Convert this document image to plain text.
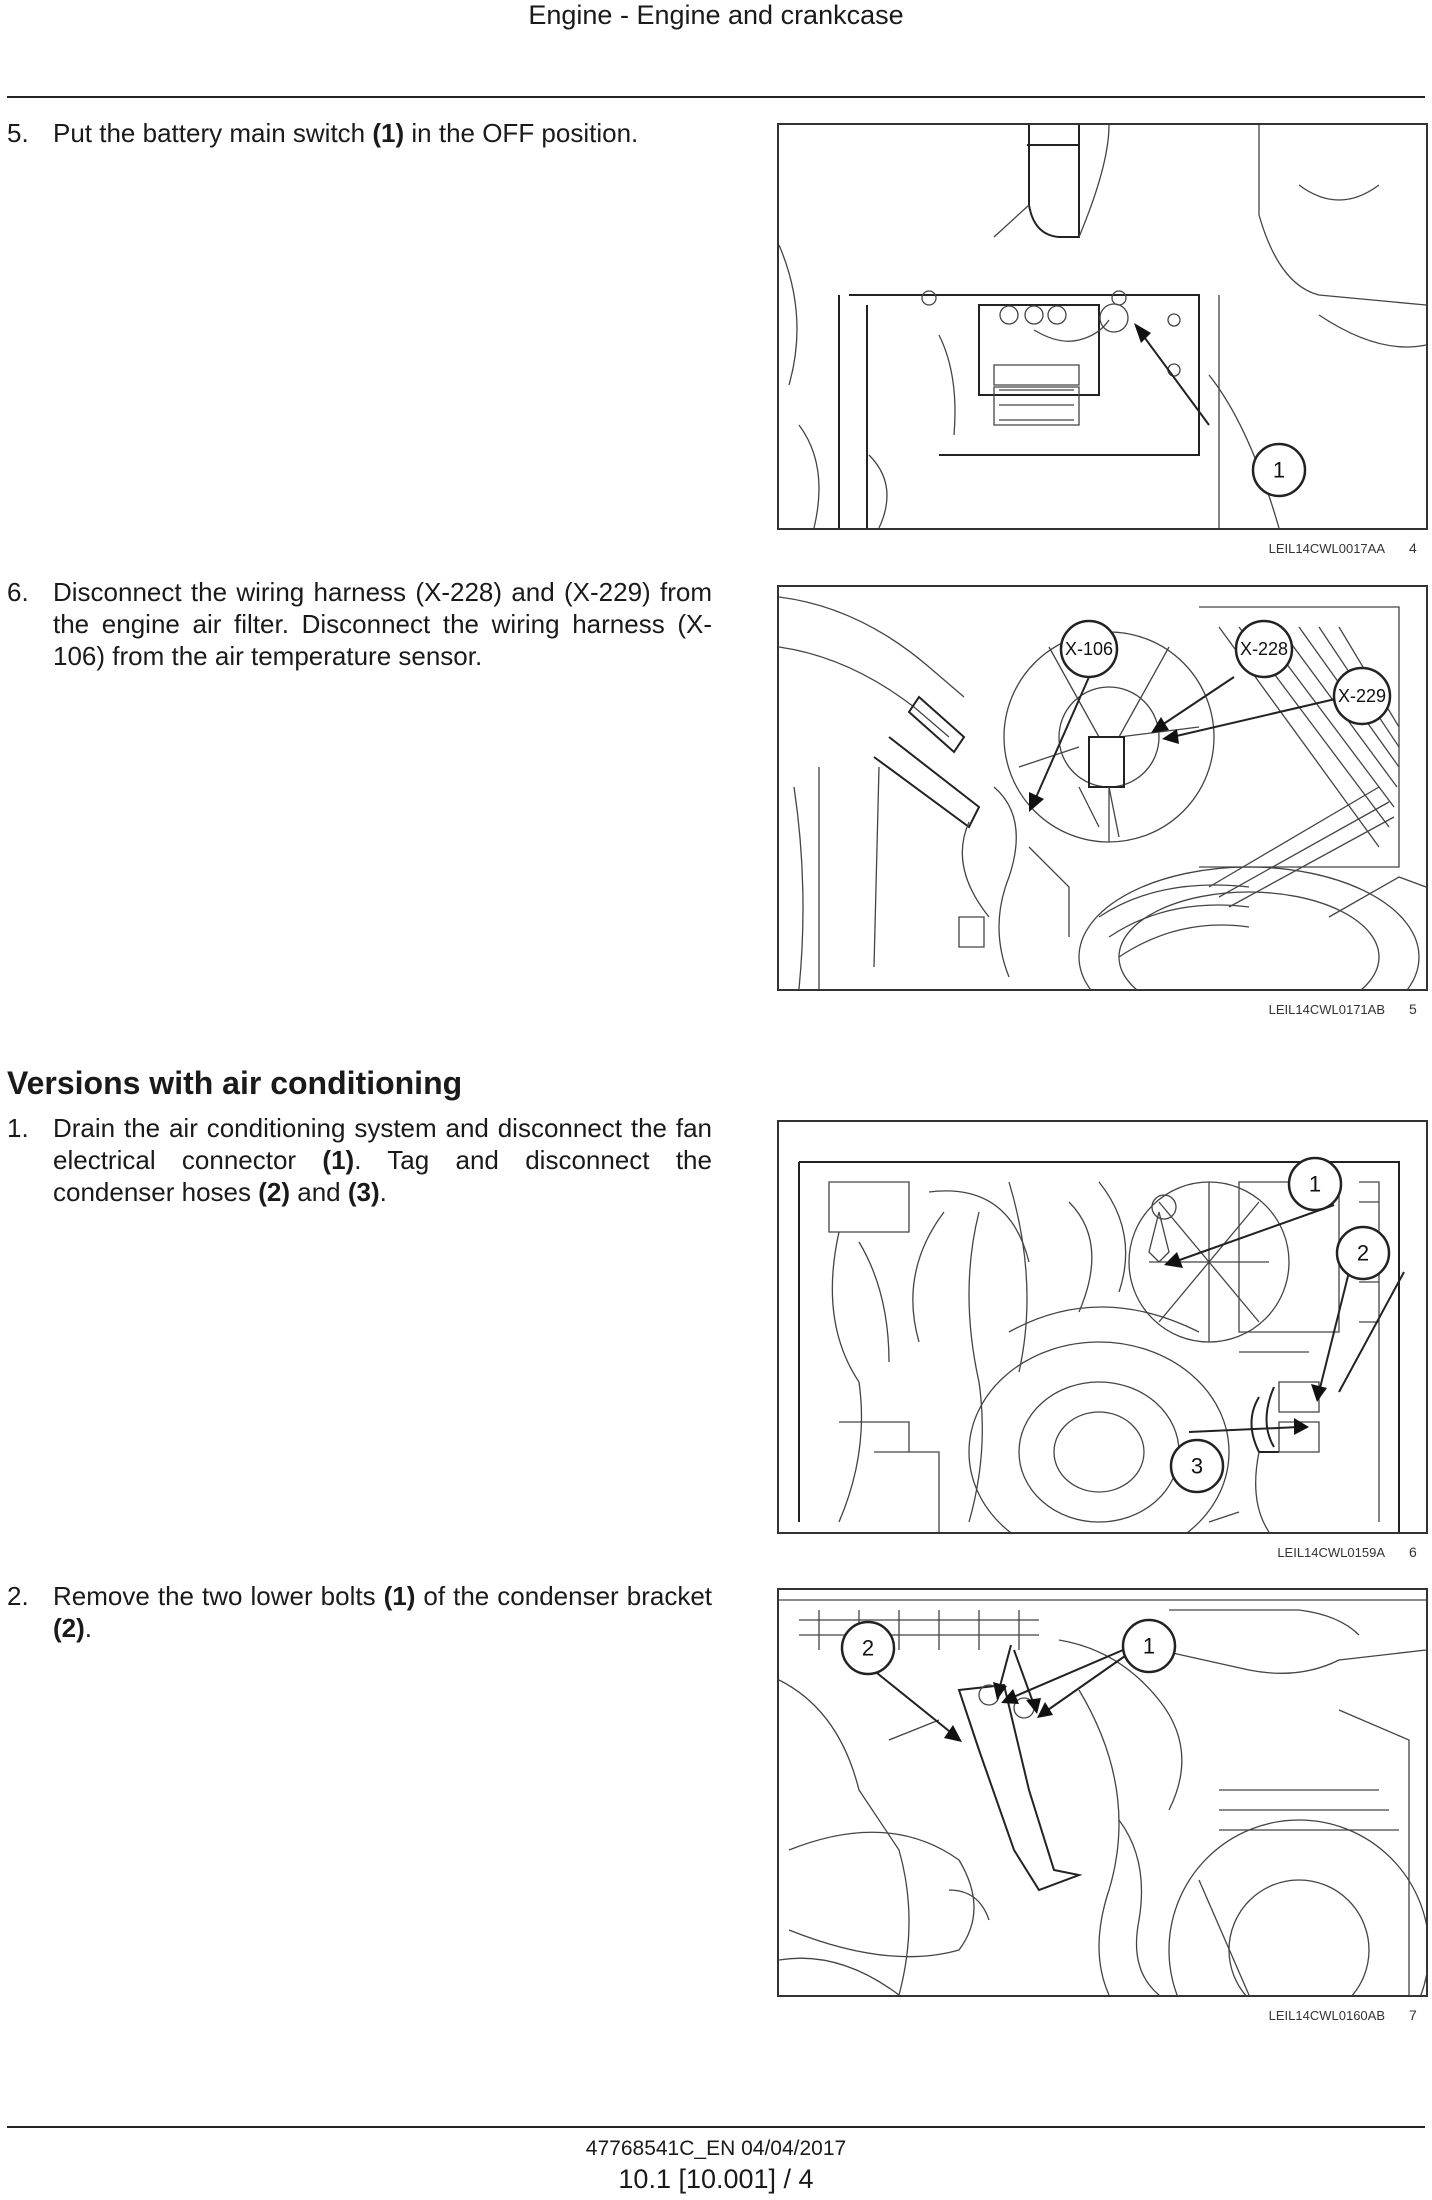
Engine - Engine and crankcase
5. Put the battery main switch (1) in the OFF position.
1
LEIL14CWL0017AA 4
6. Disconnect the wiring harness (X-228) and (X-229) from the engine air filter. Disconnect the wiring harness (X-106) from the air temperature sensor.	X-106	X-228
X-229
LEIL14CWL0171AB 5
Versions with air conditioning
1. Drain the air conditioning system and disconnect the fan electrical connector (1). Tag and disconnect the condenser hoses (2) and (3).	1
2
3
LEIL14CWL0159A 6
2. Remove the two lower bolts (1) of the condenser bracket (2).
2	1
LEIL14CWL0160AB 7
47768541C_EN 04/04/2017
10.1 [10.001] / 4
